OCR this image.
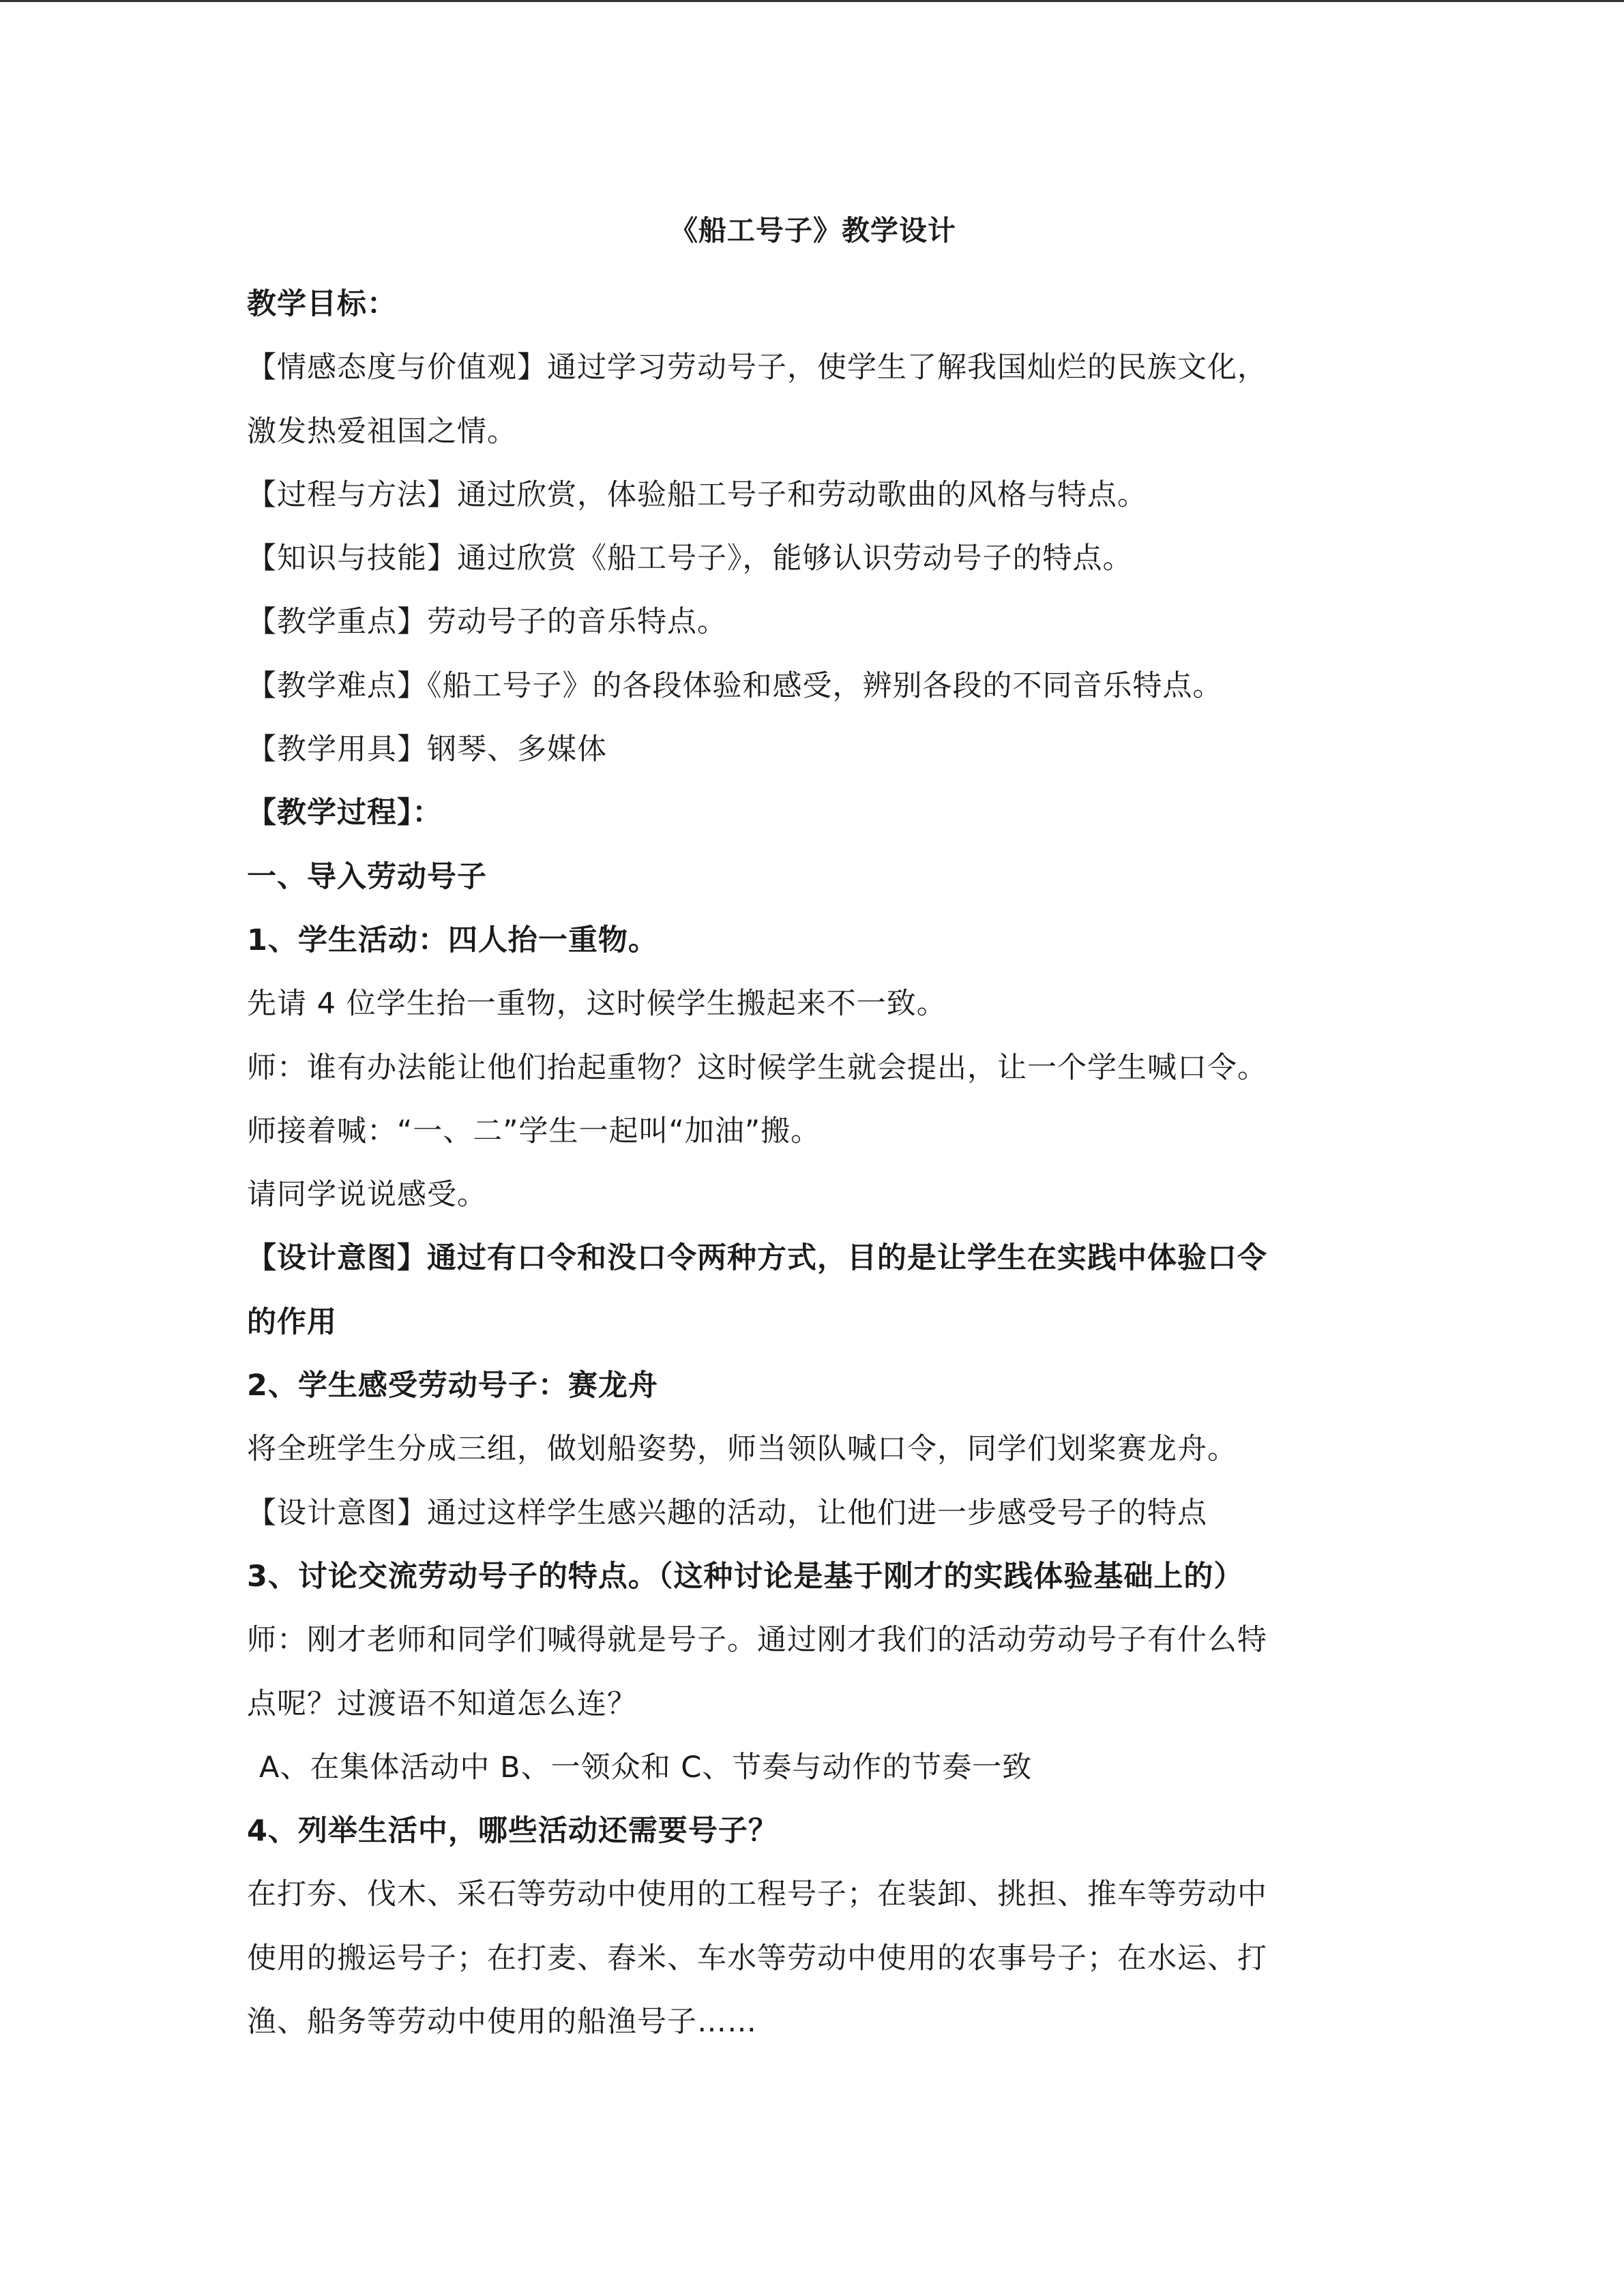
《船工号子》教学设计
教学目标：
【情感态度与价值观】通过学习劳动号子，使学生了解我国灿烂的民族文化，
激发热爱祖国之情。
【过程与方法】通过欣赏，体验船工号子和劳动歌曲的风格与特点。
【知识与技能】通过欣赏《船工号子》，能够认识劳动号子的特点。
【教学重点】劳动号子的音乐特点。
【教学难点】《船工号子》的各段体验和感受，辨别各段的不同音乐特点。
【教学用具】钢琴、多媒体
【教学过程】：
一、导入劳动号子
1、学生活动：四人抬一重物。
先请 4 位学生抬一重物，这时候学生搬起来不一致。
师：谁有办法能让他们抬起重物？这时候学生就会提出，让一个学生喊口令。
师接着喊：“一、二”学生一起叫“加油”搬。
请同学说说感受。
【设计意图】通过有口令和没口令两种方式，目的是让学生在实践中体验口令
的作用
2、学生感受劳动号子：赛龙舟
将全班学生分成三组，做划船姿势，师当领队喊口令，同学们划桨赛龙舟。
【设计意图】通过这样学生感兴趣的活动，让他们进一步感受号子的特点
3、讨论交流劳动号子的特点。（这种讨论是基于刚才的实践体验基础上的）
师：刚才老师和同学们喊得就是号子。通过刚才我们的活动劳动号子有什么特
点呢？过渡语不知道怎么连？
A、在集体活动中 B、一领众和 C、节奏与动作的节奏一致
4、列举生活中，哪些活动还需要号子？
在打夯、伐木、采石等劳动中使用的工程号子；在装卸、挑担、推车等劳动中
使用的搬运号子；在打麦、舂米、车水等劳动中使用的农事号子；在水运、打
渔、船务等劳动中使用的船渔号子……
